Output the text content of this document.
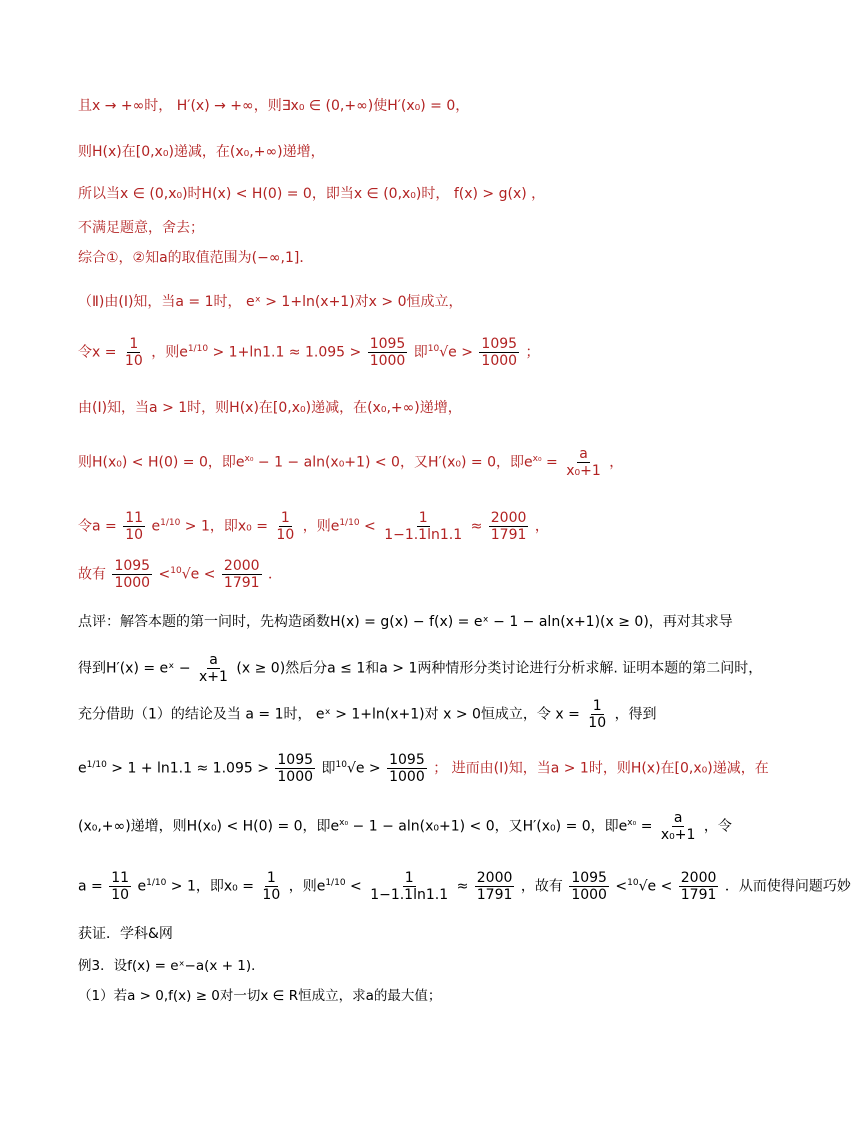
且x → +∞时， H′(x) → +∞，则∃x₀ ∈ (0,+∞)使H′(x₀) = 0，
则H(x)在[0,x₀)递减，在(x₀,+∞)递增，
所以当x ∈ (0,x₀)时H(x) < H(0) = 0，即当x ∈ (0,x₀)时， f(x) > g(x) ，
不满足题意，舍去；
综合①，②知a的取值范围为(−∞,1]．
（Ⅱ)由(Ⅰ)知，当a = 1时， eˣ > 1+ln(x+1)对x > 0恒成立，
令$x = \frac{1}{10}$ ，则$e^{1/10} > 1+\ln 1.1 \approx 1.095 > \frac{1095}{1000}$ 即$^{10}√e > \frac{1095}{1000}$ ；
由(Ⅰ)知，当a > 1时，则H(x)在[0,x₀)递减，在(x₀,+∞)递增，
则H(x₀) < H(0) = 0，即$e^{x_0} - 1 - aln(x_0+1) < 0$，又H′(x₀) = 0，即$e^{x_0} = \frac{a}{\text{x₀+1}}$ ，
令$a = \frac{11}{10} e^{1/10} > 1$，即$x_0 = \frac{1}{10}$ ，则$e^{1/10} < \frac{1}{1-1.1\ln 1.1} \approx \frac{2000}{1791}$ ，
故有 $\frac{1095}{1000} <^{10}√e < \frac{2000}{1791}$ ．
点评：解答本题的第一问时，先构造函数H(x) = g(x) − f(x) = eˣ − 1 − aln(x+1)(x ≥ 0)，再对其求导
得到H′(x) = eˣ − $\frac{a}{x+1} (x \ge 0)$然后分a ≤ 1和a > 1两种情形分类讨论进行分析求解. 证明本题的第二问时，
充分借助（1）的结论及当 a = 1时， eˣ > 1+ln(x+1)对 x > 0恒成立，令 $x = \frac{1}{10}$ ，得到
$e^{1/10} > 1 + \ln 1.1 \approx 1.095 > \frac{1095}{1000}$ 即$^{10}√e > \frac{1095}{1000}$ ； 进而由(Ⅰ)知，当a > 1时，则H(x)在[0,x₀)递减，在
(x₀,+∞)递增，则H(x₀) < H(0) = 0，即$e^{x_0} - 1 - aln(x_0+1) < 0$，又H′(x₀) = 0，即$e^{x_0} = \frac{a}{\text{x₀+1}}$ ，令
$a = \frac{11}{10} e^{1/10} > 1$，即$x_0 = \frac{1}{10}$ ，则$e^{1/10} < \frac{1}{1-1.1\ln 1.1} \approx \frac{2000}{1791}$ ，故有 $\frac{1095}{1000} <^{10}√e < \frac{2000}{1791}$ ．从而使得问题巧妙
获证．学科&网
例3．设f(x) = eˣ−a(x + 1)．
（1）若a > 0,f(x) ≥ 0对一切x ∈ R恒成立，求a的最大值；
